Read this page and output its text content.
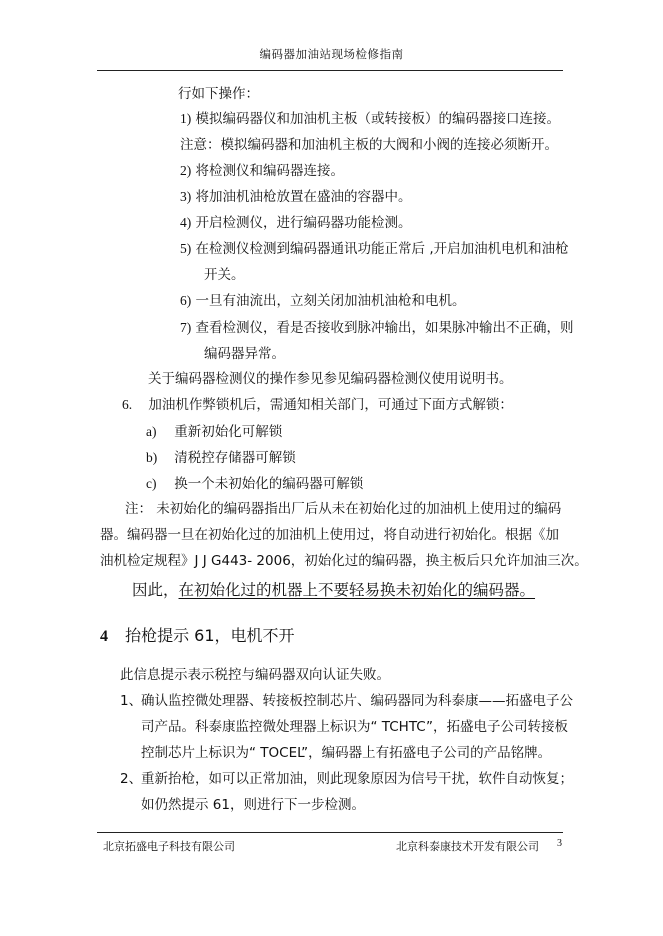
编码器加油站现场检修指南
行如下操作：
1) 模拟编码器仪和加油机主板（或转接板）的编码器接口连接。
注意：模拟编码器和加油机主板的大阀和小阀的连接必须断开。
2) 将检测仪和编码器连接。
3) 将加油机油枪放置在盛油的容器中。
4) 开启检测仪，进行编码器功能检测。
5) 在检测仪检测到编码器通讯功能正常后 ,开启加油机电机和油枪
开关。
6) 一旦有油流出，立刻关闭加油机油枪和电机。
7) 查看检测仪，看是否接收到脉冲输出，如果脉冲输出不正确，则
编码器异常。
关于编码器检测仪的操作参见参见编码器检测仪使用说明书。
6. 加油机作弊锁机后，需通知相关部门，可通过下面方式解锁：
a) 重新初始化可解锁
b) 清税控存储器可解锁
c) 换一个未初始化的编码器可解锁
注： 未初始化的编码器指出厂后从未在初始化过的加油机上使用过的编码
器。编码器一旦在初始化过的加油机上使用过，将自动进行初始化。根据《加
油机检定规程》J J G443- 2006，初始化过的编码器，换主板后只允许加油三次。
因此，在初始化过的机器上不要轻易换未初始化的编码器。
4 抬枪提示 61，电机不开
此信息提示表示税控与编码器双向认证失败。
1、
确认监控微处理器、转接板控制芯片、编码器同为科泰康——拓盛电子公
司产品。科泰康监控微处理器上标识为“ TCHTC”，拓盛电子公司转接板
控制芯片上标识为“ TOCEL”，编码器上有拓盛电子公司的产品铭牌。
2、
重新抬枪，如可以正常加油，则此现象原因为信号干扰，软件自动恢复；
如仍然提示 61，则进行下一步检测。
北京拓盛电子科技有限公司	北京科泰康技术开发有限公司 3
